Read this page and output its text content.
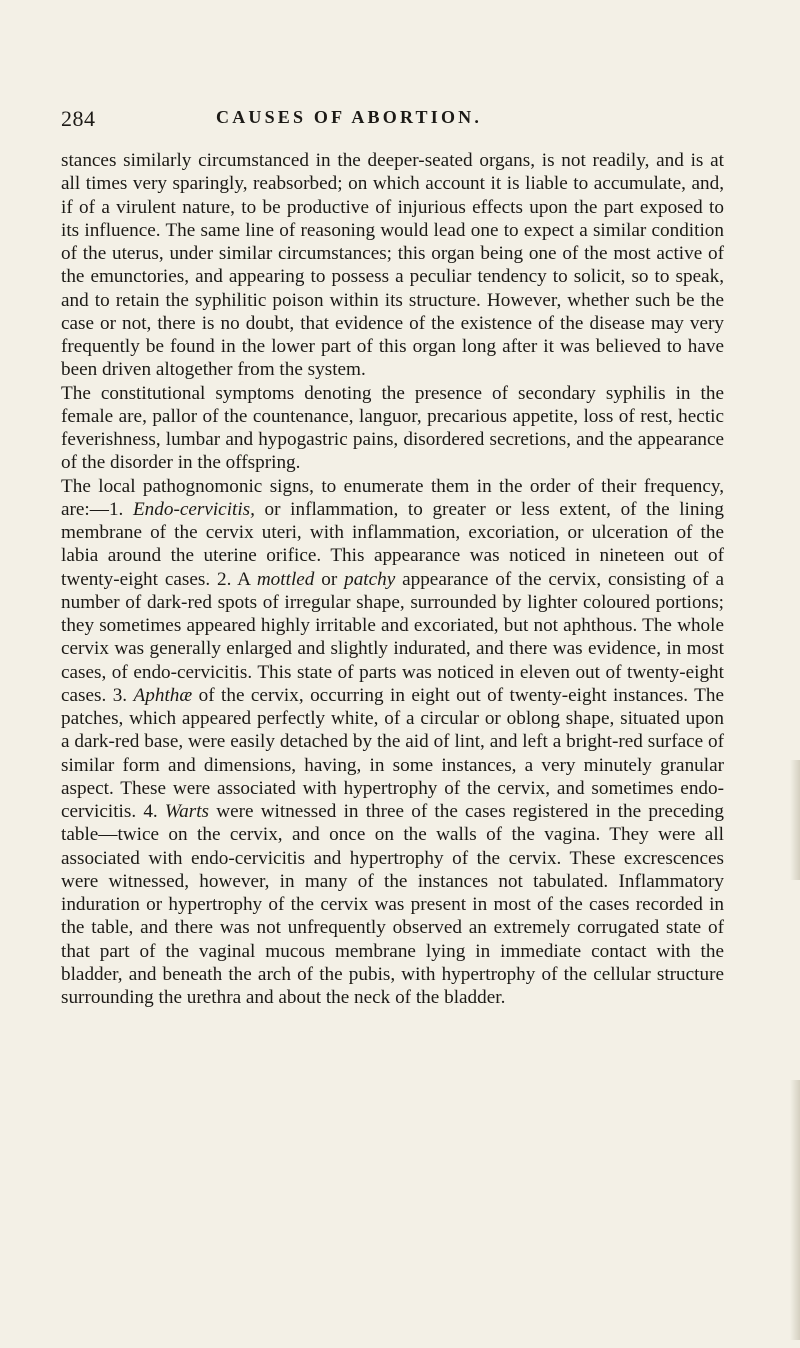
284	CAUSES OF ABORTION.

stances similarly circumstanced in the deeper-seated organs, is not readily, and is at all times very sparingly, reabsorbed; on which account it is liable to accumulate, and, if of a virulent nature, to be productive of injurious effects upon the part exposed to its influence. The same line of reasoning would lead one to expect a similar condition of the uterus, under similar circumstances; this organ being one of the most active of the emunctories, and appearing to possess a peculiar tendency to solicit, so to speak, and to retain the syphilitic poison within its structure. However, whether such be the case or not, there is no doubt, that evidence of the existence of the disease may very frequently be found in the lower part of this organ long after it was believed to have been driven altogether from the system.

The constitutional symptoms denoting the presence of secondary syphilis in the female are, pallor of the countenance, languor, precarious appetite, loss of rest, hectic feverishness, lumbar and hypogastric pains, disordered secretions, and the appearance of the disorder in the offspring.

The local pathognomonic signs, to enumerate them in the order of their frequency, are:—1. Endo-cervicitis, or inflammation, to greater or less extent, of the lining membrane of the cervix uteri, with inflammation, excoriation, or ulceration of the labia around the uterine orifice. This appearance was noticed in nineteen out of twenty-eight cases. 2. A mottled or patchy appearance of the cervix, consisting of a number of dark-red spots of irregular shape, surrounded by lighter coloured portions; they sometimes appeared highly irritable and excoriated, but not aphthous. The whole cervix was generally enlarged and slightly indurated, and there was evidence, in most cases, of endo-cervicitis. This state of parts was noticed in eleven out of twenty-eight cases. 3. Aphthæ of the cervix, occurring in eight out of twenty-eight instances. The patches, which appeared perfectly white, of a circular or oblong shape, situated upon a dark-red base, were easily detached by the aid of lint, and left a bright-red surface of similar form and dimensions, having, in some instances, a very minutely granular aspect. These were associated with hypertrophy of the cervix, and sometimes endo-cervicitis. 4. Warts were witnessed in three of the cases registered in the preceding table—twice on the cervix, and once on the walls of the vagina. They were all associated with endo-cervicitis and hypertrophy of the cervix. These excrescences were witnessed, however, in many of the instances not tabulated. Inflammatory induration or hypertrophy of the cervix was present in most of the cases recorded in the table, and there was not unfrequently observed an extremely corrugated state of that part of the vaginal mucous membrane lying in immediate contact with the bladder, and beneath the arch of the pubis, with hypertrophy of the cellular structure surrounding the urethra and about the neck of the bladder.
